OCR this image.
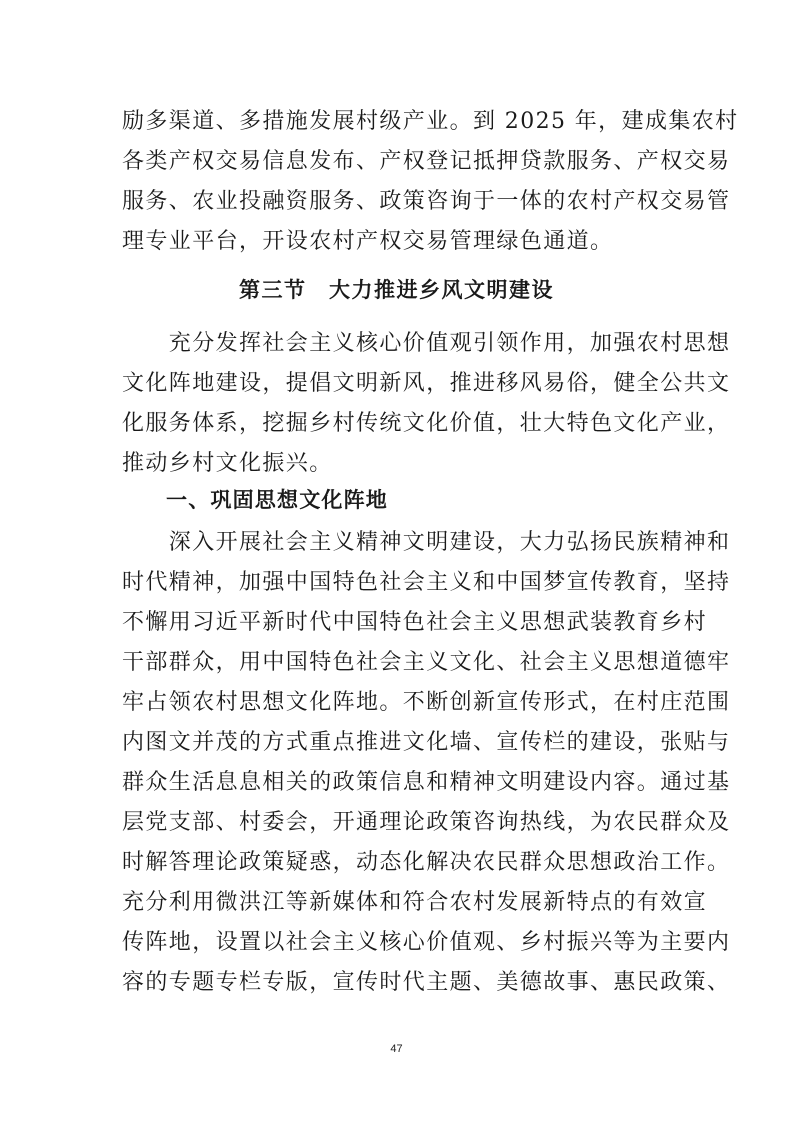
励多渠道、多措施发展村级产业。到 2025 年，建成集农村
各类产权交易信息发布、产权登记抵押贷款服务、产权交易
服务、农业投融资服务、政策咨询于一体的农村产权交易管
理专业平台，开设农村产权交易管理绿色通道。
第三节　大力推进乡风文明建设
　　充分发挥社会主义核心价值观引领作用，加强农村思想
文化阵地建设，提倡文明新风，推进移风易俗，健全公共文
化服务体系，挖掘乡村传统文化价值，壮大特色文化产业，
推动乡村文化振兴。
一、巩固思想文化阵地
　　深入开展社会主义精神文明建设，大力弘扬民族精神和
时代精神，加强中国特色社会主义和中国梦宣传教育，坚持
不懈用习近平新时代中国特色社会主义思想武装教育乡村
干部群众，用中国特色社会主义文化、社会主义思想道德牢
牢占领农村思想文化阵地。不断创新宣传形式，在村庄范围
内图文并茂的方式重点推进文化墙、宣传栏的建设，张贴与
群众生活息息相关的政策信息和精神文明建设内容。通过基
层党支部、村委会，开通理论政策咨询热线，为农民群众及
时解答理论政策疑惑，动态化解决农民群众思想政治工作。
充分利用微洪江等新媒体和符合农村发展新特点的有效宣
传阵地，设置以社会主义核心价值观、乡村振兴等为主要内
容的专题专栏专版，宣传时代主题、美德故事、惠民政策、
47
